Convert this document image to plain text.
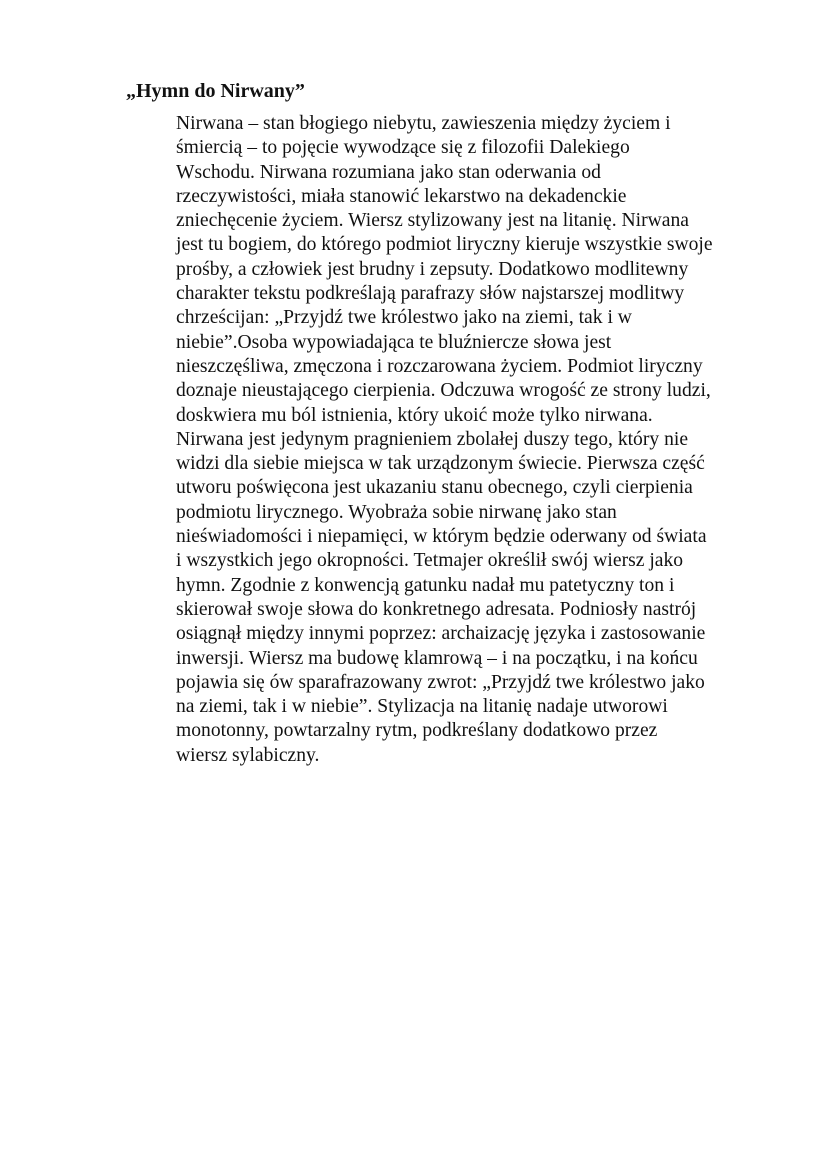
„Hymn do Nirwany”
Nirwana – stan błogiego niebytu, zawieszenia między życiem i
śmiercią – to pojęcie wywodzące się z filozofii Dalekiego
Wschodu. Nirwana rozumiana jako stan oderwania od
rzeczywistości, miała stanowić lekarstwo na dekadenckie
zniechęcenie życiem. Wiersz stylizowany jest na litanię. Nirwana
jest tu bogiem, do którego podmiot liryczny kieruje wszystkie swoje
prośby, a człowiek jest brudny i zepsuty. Dodatkowo modlitewny
charakter tekstu podkreślają parafrazy słów najstarszej modlitwy
chrześcijan: „Przyjdź twe królestwo jako na ziemi, tak i w
niebie”.Osoba wypowiadająca te bluźniercze słowa jest
nieszczęśliwa, zmęczona i rozczarowana życiem. Podmiot liryczny
doznaje nieustającego cierpienia. Odczuwa wrogość ze strony ludzi,
doskwiera mu ból istnienia, który ukoić może tylko nirwana.
Nirwana jest jedynym pragnieniem zbolałej duszy tego, który nie
widzi dla siebie miejsca w tak urządzonym świecie. Pierwsza część
utworu poświęcona jest ukazaniu stanu obecnego, czyli cierpienia
podmiotu lirycznego. Wyobraża sobie nirwanę jako stan
nieświadomości i niepamięci, w którym będzie oderwany od świata
i wszystkich jego okropności. Tetmajer określił swój wiersz jako
hymn. Zgodnie z konwencją gatunku nadał mu patetyczny ton i
skierował swoje słowa do konkretnego adresata. Podniosły nastrój
osiągnął między innymi poprzez: archaizację języka i zastosowanie
inwersji. Wiersz ma budowę klamrową – i na początku, i na końcu
pojawia się ów sparafrazowany zwrot: „Przyjdź twe królestwo jako
na ziemi, tak i w niebie”. Stylizacja na litanię nadaje utworowi
monotonny, powtarzalny rytm, podkreślany dodatkowo przez
wiersz sylabiczny.
